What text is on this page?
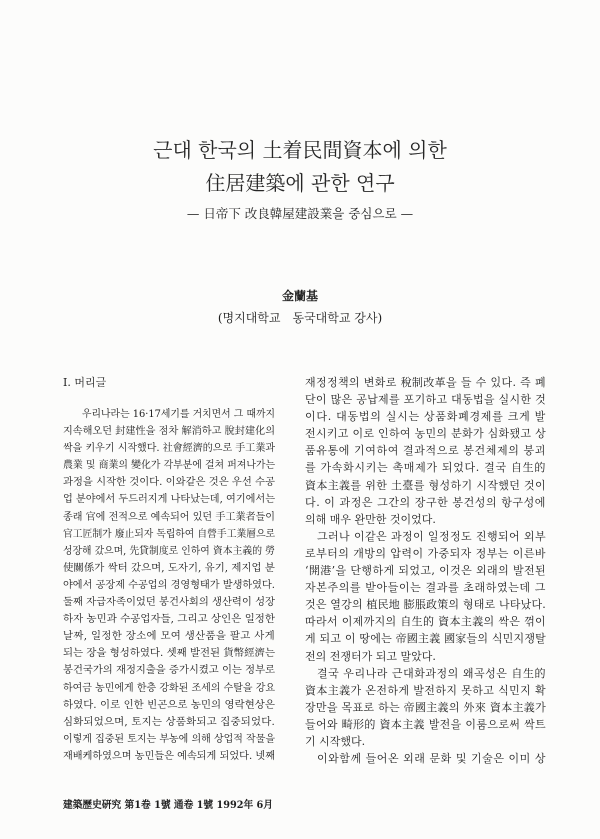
근대 한국의 土着民間資本에 의한
住居建築에 관한 연구
— 日帝下 改良韓屋建設業을 중심으로 —
金蘭基
(명지대학교　동국대학교 강사)
Ⅰ. 머리글
우리나라는 16·17세기를 거치면서 그 때까지
지속해오던 封建性을 점차 解消하고 脫封建化의
싹을 키우기 시작했다. 社會經濟的으로 手工業과
農業 및 商業의 變化가 각부분에 걸쳐 퍼져나가는
과정을 시작한 것이다. 이와같은 것은 우선 수공
업 분야에서 두드러지게 나타났는데, 여기에서는
종래 官에 전적으로 예속되어 있던 手工業者들이
官工匠制가 廢止되자 독립하여 自營手工業層으로
성장해 갔으며, 先貸制度로 인하여 資本主義的 勞
使關係가 싹터 갔으며, 도자기, 유기, 제지업 분
야에서 공장제 수공업의 경영형태가 발생하였다.
둘째 자급자족이었던 봉건사회의 생산력이 성장
하자 농민과 수공업자들, 그리고 상인은 일정한
날짜, 일정한 장소에 모여 생산품을 팔고 사게
되는 장을 형성하였다. 셋째 발전된 貨幣經濟는
봉건국가의 재정지출을 증가시켰고 이는 정부로
하여금 농민에게 한층 강화된 조세의 수탈을 강요
하였다. 이로 인한 빈곤으로 농민의 영락현상은
심화되었으며, 토지는 상품화되고 집중되었다.
이렇게 집중된 토지는 부농에 의해 상업적 작물을
재배케하였으며 농민들은 예속되게 되었다. 넷째
재정정책의 변화로 稅制改革을 들 수 있다. 즉 폐
단이 많은 공납제를 포기하고 대동법을 실시한 것
이다. 대동법의 실시는 상품화폐경제를 크게 발
전시키고 이로 인하여 농민의 분화가 심화됐고 상
품유통에 기여하여 결과적으로 봉건체제의 붕괴
를 가속화시키는 촉매제가 되었다. 결국 自生的
資本主義를 위한 土臺를 형성하기 시작했던 것이
다. 이 과정은 그간의 장구한 봉건성의 항구성에
의해 매우 완만한 것이었다.
그러나 이같은 과정이 일정정도 진행되어 외부
로부터의 개방의 압력이 가중되자 정부는 이른바
‘開港’을 단행하게 되었고, 이것은 외래의 발전된
자본주의를 받아들이는 결과를 초래하였는데 그
것은 열강의 植民地 膨脹政策의 형태로 나타났다.
따라서 이제까지의 自生的 資本主義의 싹은 꺾이
게 되고 이 땅에는 帝國主義 國家들의 식민지쟁탈
전의 전쟁터가 되고 말았다.
결국 우리나라 근대화과정의 왜곡성은 自生的
資本主義가 온전하게 발전하지 못하고 식민지 확
장만을 목표로 하는 帝國主義의 外來 資本主義가
들어와 畸形的 資本主義 발전을 이룸으로써 싹트
기 시작했다.
이와함께 들어온 외래 문화 및 기술은 이미 상
建築歷史硏究 第1卷 1號 通卷 1號 1992年 6月
